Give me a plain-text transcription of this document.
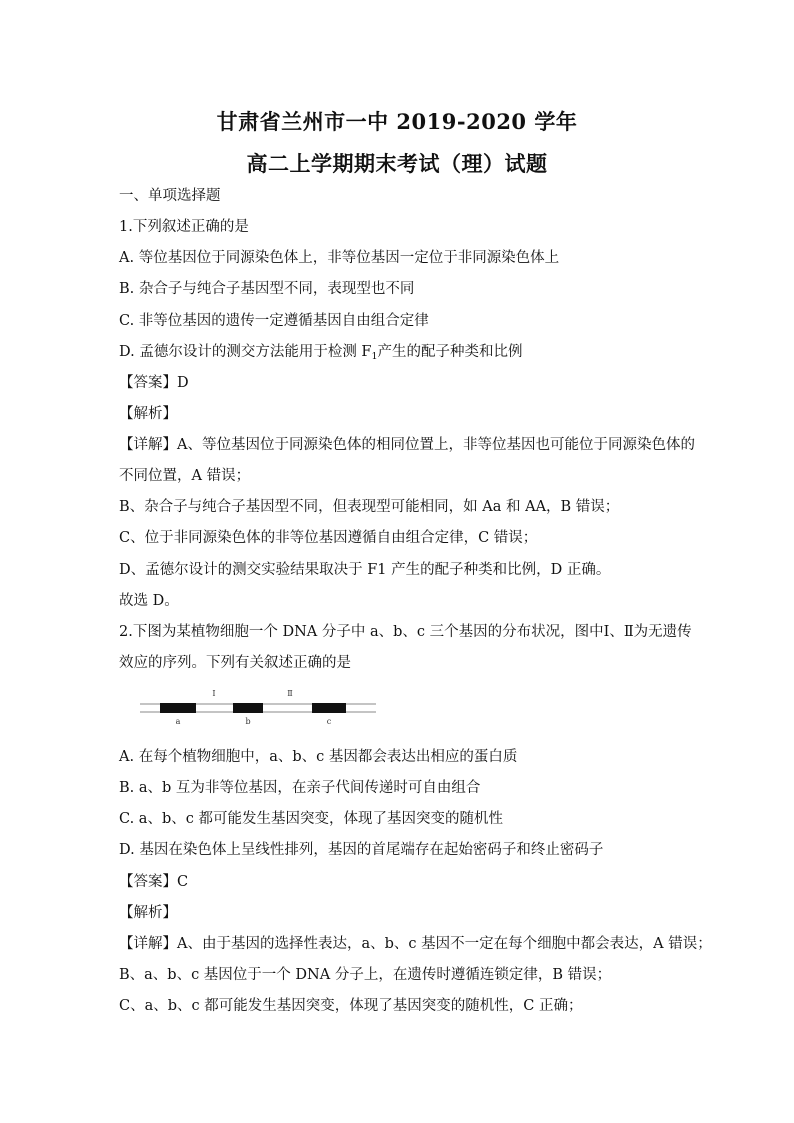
甘肃省兰州市一中 2019-2020 学年
高二上学期期末考试（理）试题
一、单项选择题
1.下列叙述正确的是
A. 等位基因位于同源染色体上，非等位基因一定位于非同源染色体上
B. 杂合子与纯合子基因型不同，表现型也不同
C. 非等位基因的遗传一定遵循基因自由组合定律
D. 孟德尔设计的测交方法能用于检测 $F_1$产生的配子种类和比例
【答案】D
【解析】
【详解】A、等位基因位于同源染色体的相同位置上，非等位基因也可能位于同源染色体的
不同位置，A 错误；
B、杂合子与纯合子基因型不同，但表现型可能相同，如 Aa 和 AA，B 错误；
C、位于非同源染色体的非等位基因遵循自由组合定律，C 错误；
D、孟德尔设计的测交实验结果取决于 F1 产生的配子种类和比例，D 正确。
故选 D。
2.下图为某植物细胞一个 DNA 分子中 a、b、c 三个基因的分布状况，图中Ⅰ、Ⅱ为无遗传
效应的序列。下列有关叙述正确的是
Ⅰ	Ⅱ
a	b	c
A. 在每个植物细胞中，a、b、c 基因都会表达出相应的蛋白质
B. a、b 互为非等位基因，在亲子代间传递时可自由组合
C. a、b、c 都可能发生基因突变，体现了基因突变的随机性
D. 基因在染色体上呈线性排列，基因的首尾端存在起始密码子和终止密码子
【答案】C
【解析】
【详解】A、由于基因的选择性表达，a、b、c 基因不一定在每个细胞中都会表达，A 错误；
B、a、b、c 基因位于一个 DNA 分子上，在遗传时遵循连锁定律，B 错误；
C、a、b、c 都可能发生基因突变，体现了基因突变的随机性，C 正确；
